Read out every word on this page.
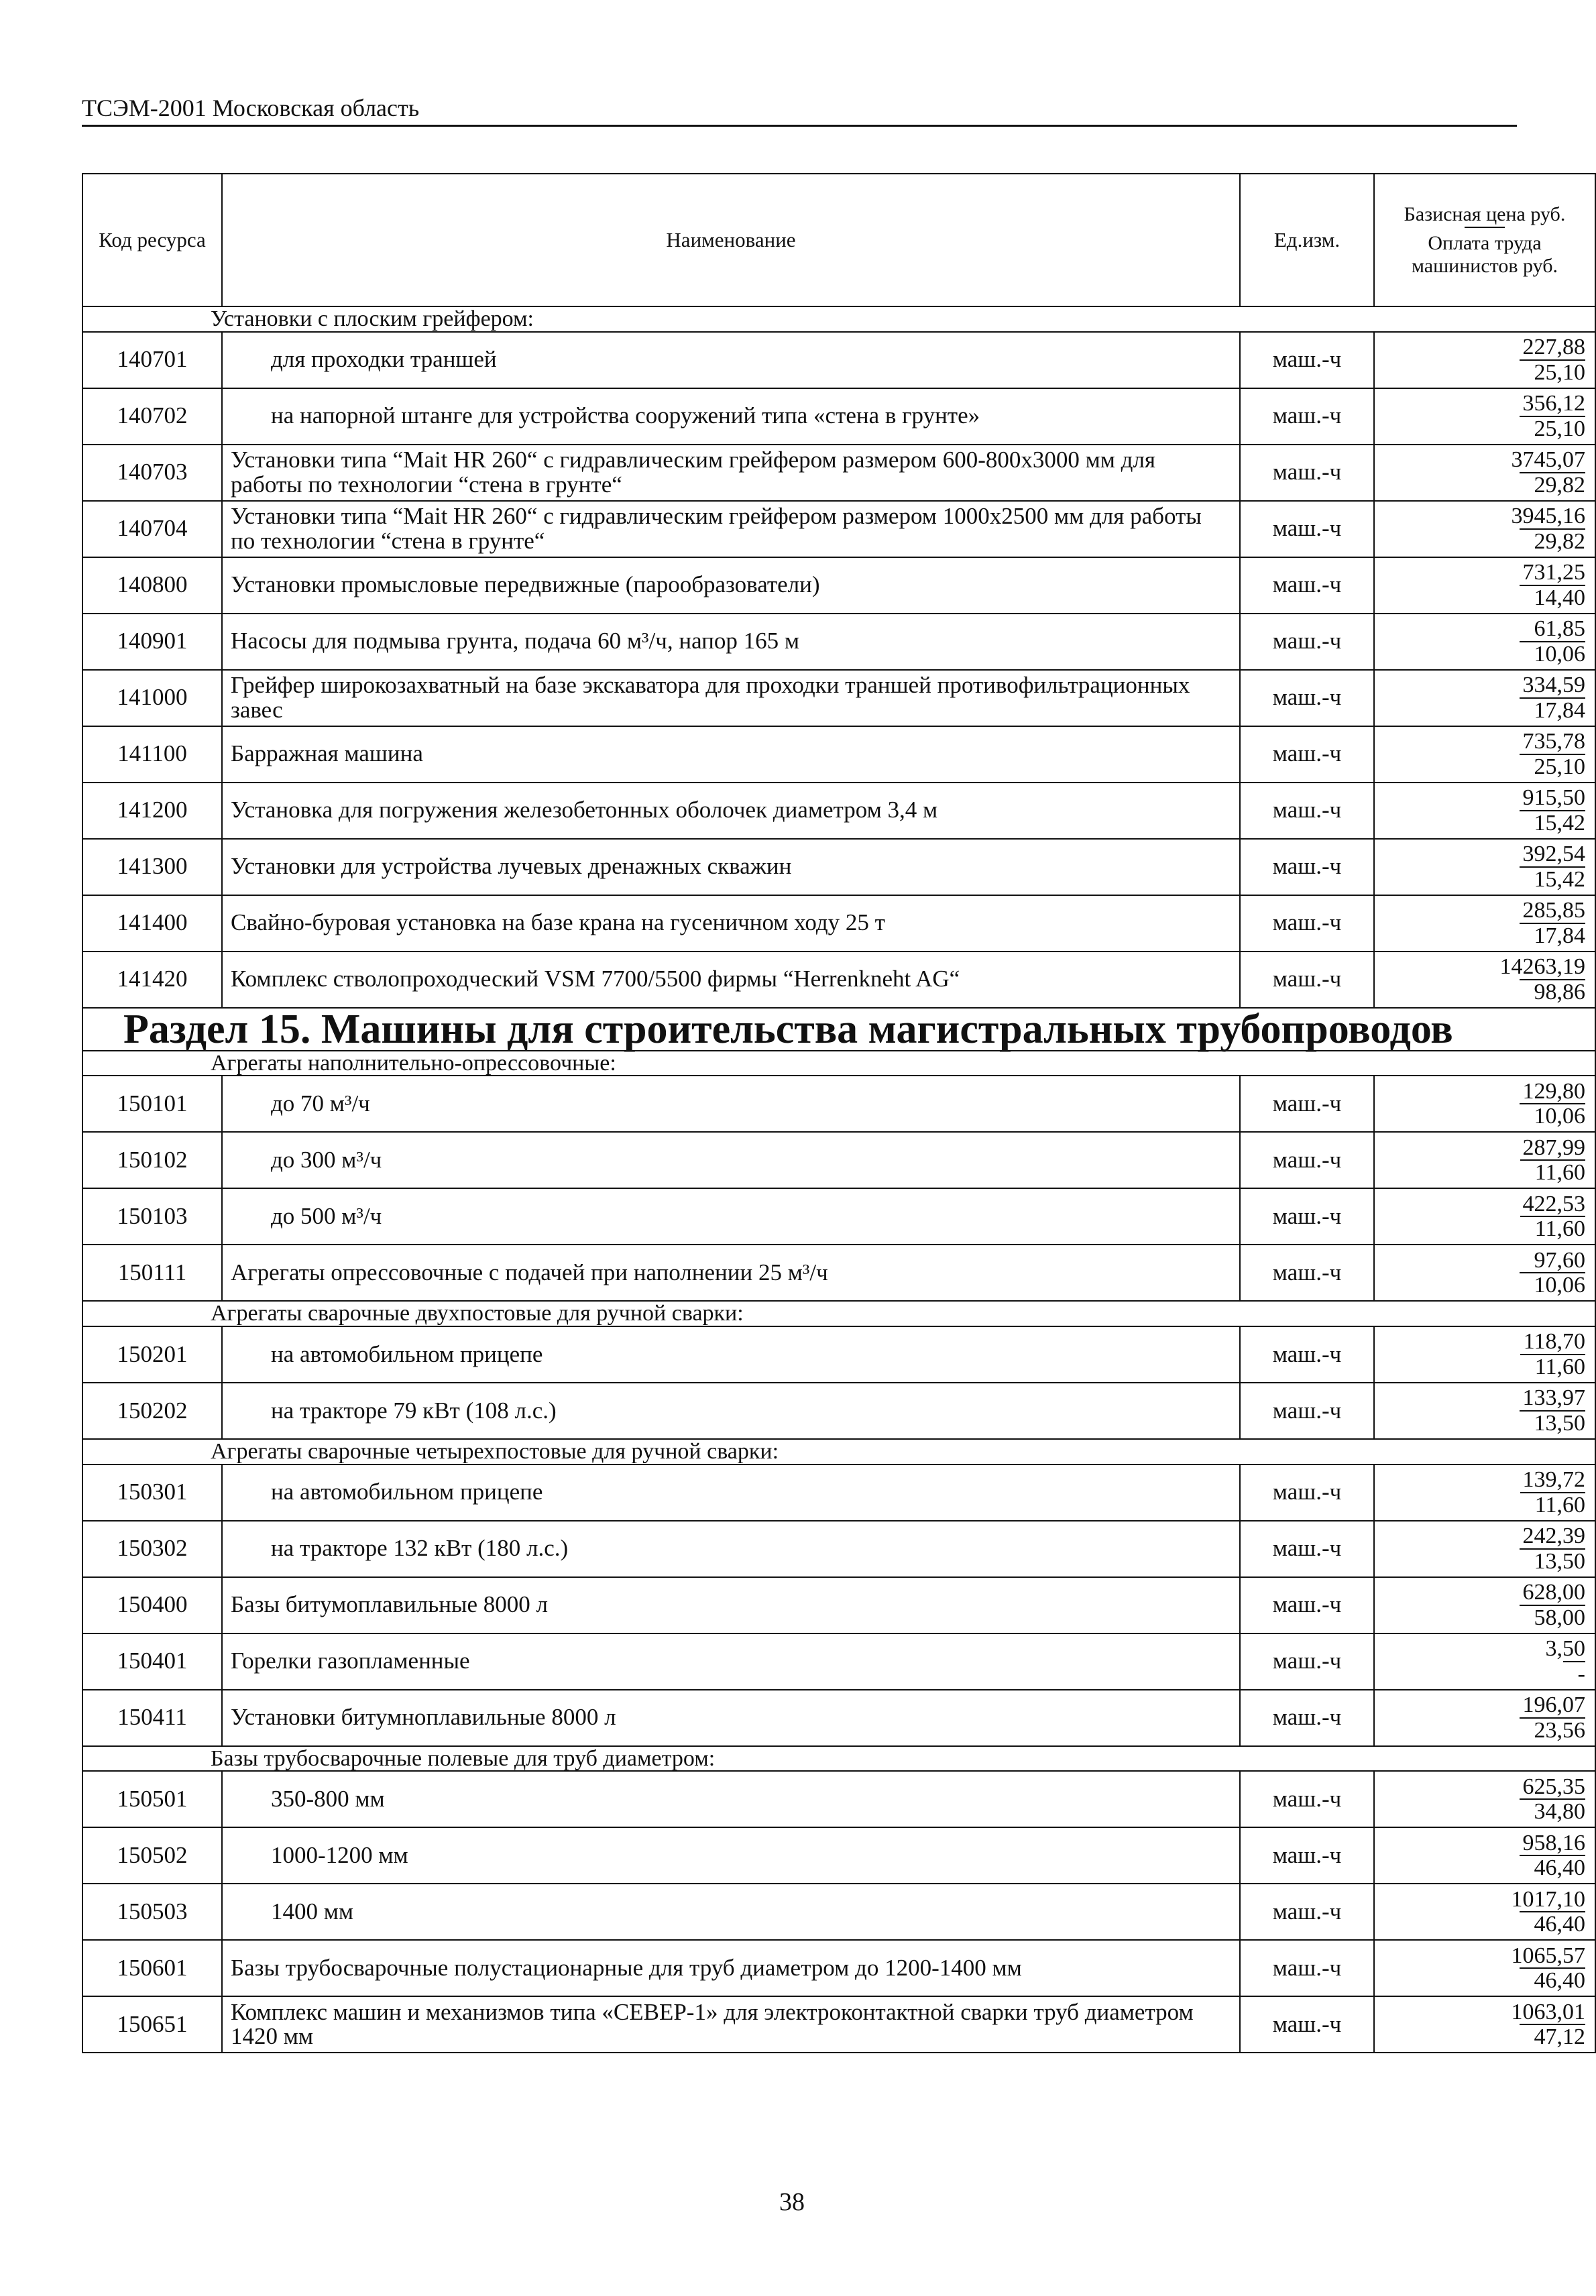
ТСЭМ-2001 Московская область
Код ресурса	Наименование	Ед.изм.	Базисная цена руб.
Оплата труда машинистов руб.
Установки с плоским грейфером:			
140701	для проходки траншей	маш.-ч	227,88
25,10
140702	на напорной штанге для устройства сооружений типа «стена в грунте»	маш.-ч	356,12
25,10
140703	Установки типа “Mait HR 260“ с гидравлическим грейфером размером 600-800х3000 мм для работы по технологии “стена в грунте“	маш.-ч	3745,07
29,82
140704	Установки типа “Mait HR 260“ с гидравлическим грейфером размером 1000х2500 мм для работы по технологии “стена в грунте“	маш.-ч	3945,16
29,82
140800	Установки промысловые передвижные (парообразователи)	маш.-ч	731,25
14,40
140901	Насосы для подмыва грунта, подача 60 м³/ч, напор 165 м	маш.-ч	61,85
10,06
141000	Грейфер широкозахватный на базе экскаватора для проходки траншей противофильтрационных завес	маш.-ч	334,59
17,84
141100	Барражная машина	маш.-ч	735,78
25,10
141200	Установка для погружения железобетонных оболочек диаметром 3,4 м	маш.-ч	915,50
15,42
141300	Установки для устройства лучевых дренажных скважин	маш.-ч	392,54
15,42
141400	Свайно-буровая установка на базе крана на гусеничном ходу 25 т	маш.-ч	285,85
17,84
141420	Комплекс стволопроходческий VSM 7700/5500 фирмы “Herrenkneht AG“	маш.-ч	14263,19
98,86
Раздел 15. Машины для строительства магистральных трубопроводов			
Агрегаты наполнительно-опрессовочные:			
150101	до 70 м³/ч	маш.-ч	129,80
10,06
150102	до 300 м³/ч	маш.-ч	287,99
11,60
150103	до 500 м³/ч	маш.-ч	422,53
11,60
150111	Агрегаты опрессовочные с подачей при наполнении 25 м³/ч	маш.-ч	97,60
10,06
Агрегаты сварочные двухпостовые для ручной сварки:			
150201	на автомобильном прицепе	маш.-ч	118,70
11,60
150202	на тракторе 79 кВт (108 л.с.)	маш.-ч	133,97
13,50
Агрегаты сварочные четырехпостовые для ручной сварки:			
150301	на автомобильном прицепе	маш.-ч	139,72
11,60
150302	на тракторе 132 кВт (180 л.с.)	маш.-ч	242,39
13,50
150400	Базы битумоплавильные 8000 л	маш.-ч	628,00
58,00
150401	Горелки газопламенные	маш.-ч	3,50
-
150411	Установки битумноплавильные 8000 л	маш.-ч	196,07
23,56
Базы трубосварочные полевые для труб диаметром:			
150501	350-800 мм	маш.-ч	625,35
34,80
150502	1000-1200 мм	маш.-ч	958,16
46,40
150503	1400 мм	маш.-ч	1017,10
46,40
150601	Базы трубосварочные полустационарные для труб диаметром до 1200-1400 мм	маш.-ч	1065,57
46,40
150651	Комплекс машин и механизмов типа «СЕВЕР-1» для электроконтактной сварки труб диаметром 1420 мм	маш.-ч	1063,01
47,12
38
